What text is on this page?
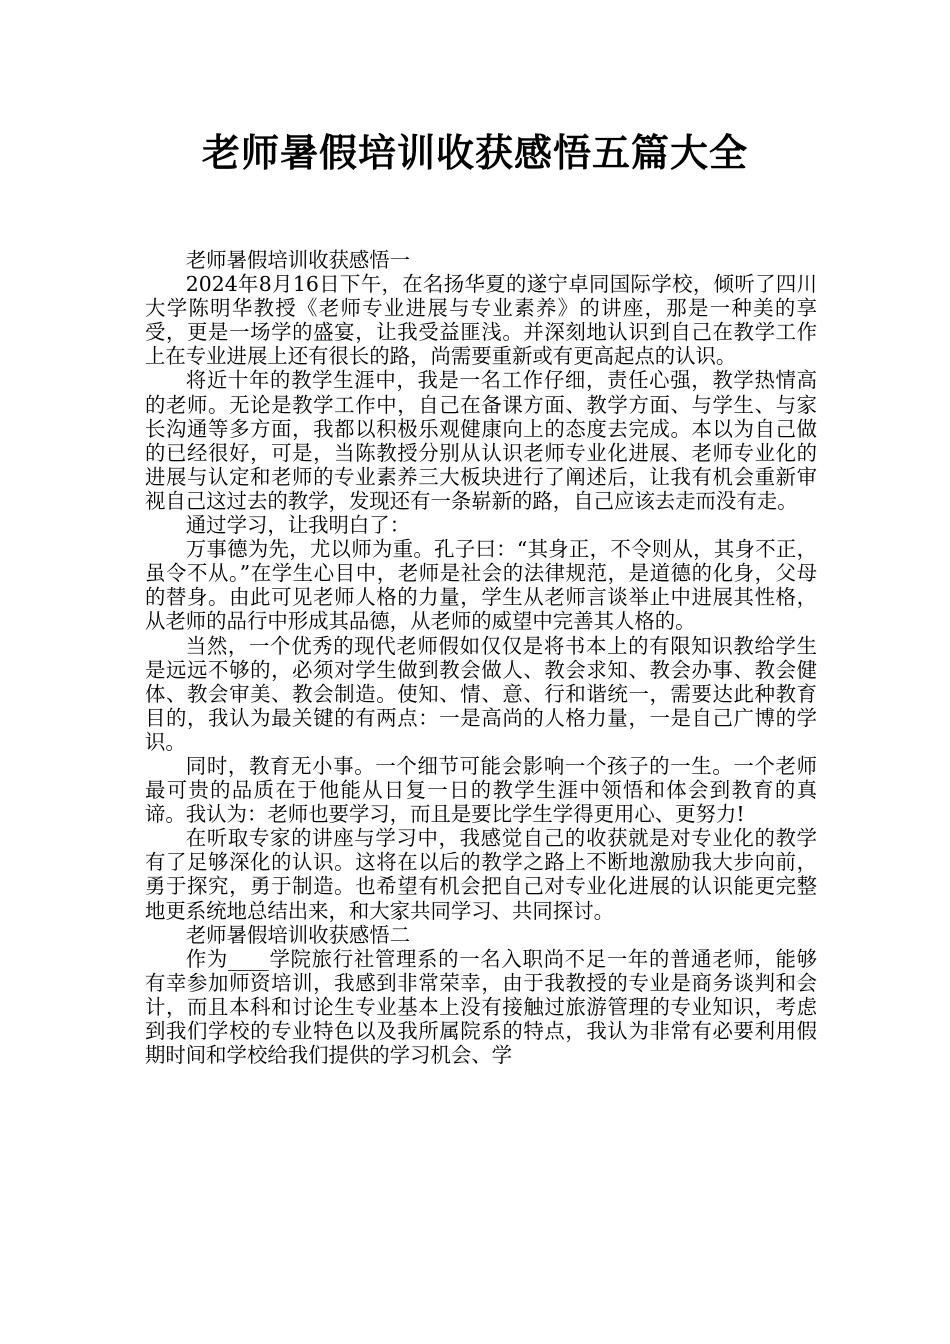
老师暑假培训收获感悟五篇大全

老师暑假培训收获感悟一

2024年8月16日下午，在名扬华夏的遂宁卓同国际学校，倾听了四川大学陈明华教授《老师专业进展与专业素养》的讲座，那是一种美的享受，更是一场学的盛宴，让我受益匪浅。并深刻地认识到自己在教学工作上在专业进展上还有很长的路，尚需要重新或有更高起点的认识。

将近十年的教学生涯中，我是一名工作仔细，责任心强，教学热情高的老师。无论是教学工作中，自己在备课方面、教学方面、与学生、与家长沟通等多方面，我都以积极乐观健康向上的态度去完成。本以为自己做的已经很好，可是，当陈教授分别从认识老师专业化进展、老师专业化的进展与认定和老师的专业素养三大板块进行了阐述后，让我有机会重新审视自己这过去的教学，发现还有一条崭新的路，自己应该去走而没有走。

通过学习，让我明白了：

万事德为先，尤以师为重。孔子曰：“其身正，不令则从，其身不正，虽令不从。”在学生心目中，老师是社会的法律规范，是道德的化身，父母的替身。由此可见老师人格的力量，学生从老师言谈举止中进展其性格，从老师的品行中形成其品德，从老师的威望中完善其人格的。

当然，一个优秀的现代老师假如仅仅是将书本上的有限知识教给学生是远远不够的，必须对学生做到教会做人、教会求知、教会办事、教会健体、教会审美、教会制造。使知、情、意、行和谐统一，需要达此种教育目的，我认为最关键的有两点：一是高尚的人格力量，一是自己广博的学识。

同时，教育无小事。一个细节可能会影响一个孩子的一生。一个老师最可贵的品质在于他能从日复一日的教学生涯中领悟和体会到教育的真谛。我认为：老师也要学习，而且是要比学生学得更用心、更努力!

在听取专家的讲座与学习中，我感觉自己的收获就是对专业化的教学有了足够深化的认识。这将在以后的教学之路上不断地激励我大步向前，勇于探究，勇于制造。也希望有机会把自己对专业化进展的认识能更完整地更系统地总结出来，和大家共同学习、共同探讨。

老师暑假培训收获感悟二

作为____学院旅行社管理系的一名入职尚不足一年的普通老师，能够有幸参加师资培训，我感到非常荣幸，由于我教授的专业是商务谈判和会计，而且本科和讨论生专业基本上没有接触过旅游管理的专业知识，考虑到我们学校的专业特色以及我所属院系的特点，我认为非常有必要利用假期时间和学校给我们提供的学习机会、学
